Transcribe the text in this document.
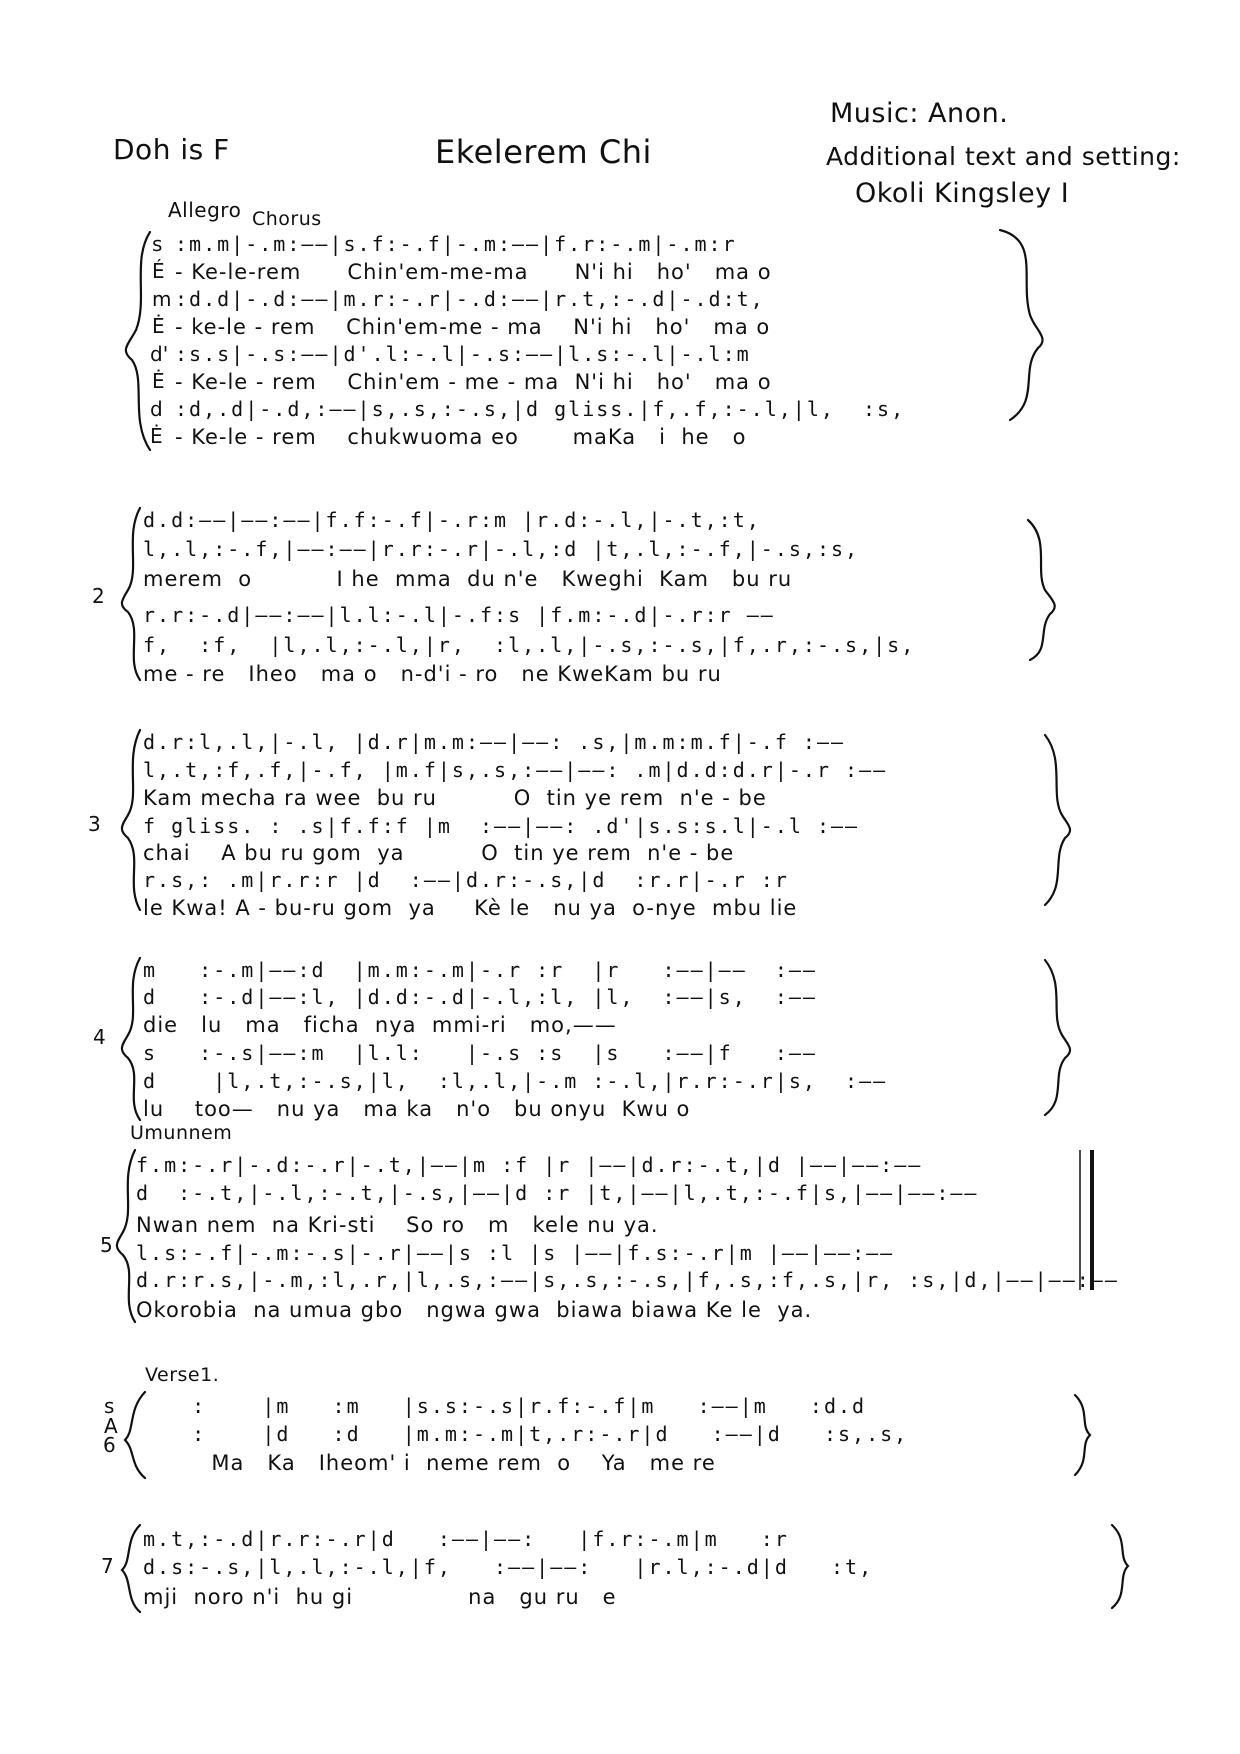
Doh is F	Ekelerem Chi
Music: Anon.
Additional text and setting:
Okoli Kingsley I
Allegro Chorus
Umunnem
Verse1.
s
m
d'
d
É
Ė
Ė
Ė
:m.m|-.m:——|s.f:-.f|-.m:——|f.r:-.m|-.m:r
- Ke-le-rem      Chin'em-me-ma      N'i hi   ho'   ma o
:d.d|-.d:——|m.r:-.r|-.d:——|r.t,:-.d|-.d:t,
- ke-le - rem    Chin'em-me - ma    N'i hi   ho'   ma o
:s.s|-.s:——|d'.l:-.l|-.s:——|l.s:-.l|-.l:m
- Ke-le - rem    Chin'em - me - ma  N'i hi   ho'   ma o
:d,.d|-.d,:——|s,.s,:-.s,|d gliss.|f,.f,:-.l,|l,  :s,
- Ke-le - rem    chukwuoma eo       maKa   i  he   o
2
d.d:——|——:——|f.f:-.f|-.r:m |r.d:-.l,|-.t,:t,
l,.l,:-.f,|——:——|r.r:-.r|-.l,:d |t,.l,:-.f,|-.s,:s,
merem  o           I he  mma  du n'e   Kweghi  Kam   bu ru
r.r:-.d|——:——|l.l:-.l|-.f:s |f.m:-.d|-.r:r ——
f,  :f,  |l,.l,:-.l,|r,  :l,.l,|-.s,:-.s,|f,.r,:-.s,|s,
me - re   Iheo   ma o   n-d'i - ro   ne KweKam bu ru
3
d.r:l,.l,|-.l, |d.r|m.m:——|——: .s,|m.m:m.f|-.f :——
l,.t,:f,.f,|-.f, |m.f|s,.s,:——|——: .m|d.d:d.r|-.r :——
Kam mecha ra wee  bu ru          O  tin ye rem  n'e - be
f gliss. : .s|f.f:f |m  :——|——: .d'|s.s:s.l|-.l :——
chai    A bu ru gom  ya          O  tin ye rem  n'e - be
r.s,: .m|r.r:r |d  :——|d.r:-.s,|d  :r.r|-.r :r
le Kwa! A - bu-ru gom  ya     Kè le   nu ya  o-nye  mbu lie
4
m   :-.m|——:d  |m.m:-.m|-.r :r  |r   :——|——  :——
d   :-.d|——:l, |d.d:-.d|-.l,:l, |l,  :——|s,  :——
die   lu   ma   ficha  nya  mmi-ri   mo,——
s   :-.s|——:m  |l.l:   |-.s :s  |s   :——|f   :——
d    |l,.t,:-.s,|l,  :l,.l,|-.m :-.l,|r.r:-.r|s,  :——
lu    too—   nu ya   ma ka   n'o   bu onyu  Kwu o
5
f.m:-.r|-.d:-.r|-.t,|——|m :f |r |——|d.r:-.t,|d |——|——:——
d  :-.t,|-.l,:-.t,|-.s,|——|d :r |t,|——|l,.t,:-.f|s,|——|——:——
Nwan nem  na Kri-sti    So ro   m   kele nu ya.
l.s:-.f|-.m:-.s|-.r|——|s :l |s |——|f.s:-.r|m |——|——:——
d.r:r.s,|-.m,:l,.r,|l,.s,:——|s,.s,:-.s,|f,.s,:f,.s,|r, :s,|d,|——|——:——
Okorobia  na umua gbo   ngwa gwa  biawa biawa Ke le  ya.
6
s
A
:    |m   :m   |s.s:-.s|r.f:-.f|m   :——|m   :d.d
:    |d   :d   |m.m:-.m|t,.r:-.r|d   :——|d   :s,.s,
Ma   Ka   Iheom' i  neme rem  o    Ya   me re
7
m.t,:-.d|r.r:-.r|d   :——|——:   |f.r:-.m|m   :r
d.s:-.s,|l,.l,:-.l,|f,   :——|——:   |r.l,:-.d|d   :t,
mji  noro n'i  hu gi               na   gu ru   e
